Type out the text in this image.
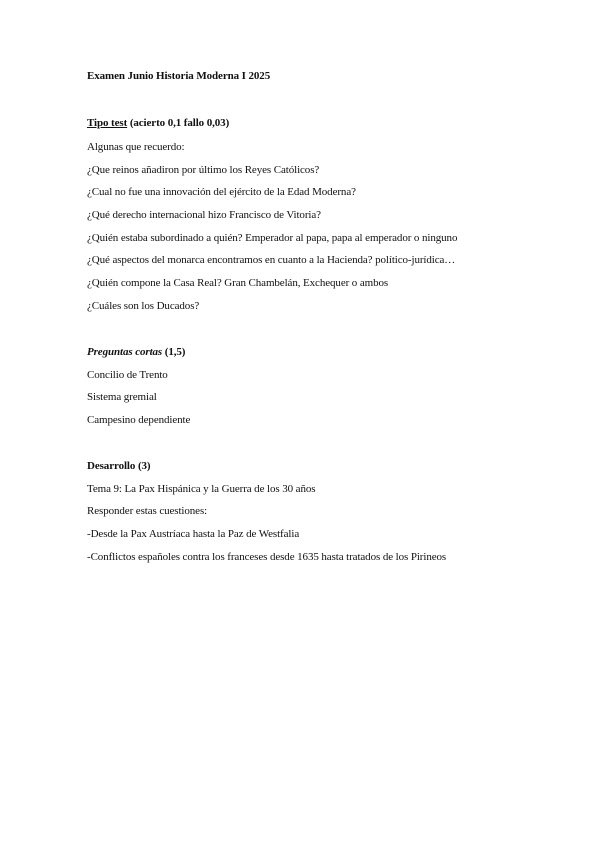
Examen Junio Historia Moderna I 2025
Tipo test (acierto 0,1 fallo 0,03)
Algunas que recuerdo:
¿Que reinos añadiron por último los Reyes Católicos?
¿Cual no fue una innovación del ejército de la Edad Moderna?
¿Qué derecho internacional hizo Francisco de Vitoria?
¿Quién estaba subordinado a quién? Emperador al papa, papa al emperador o ninguno
¿Qué aspectos del monarca encontramos en cuanto a la Hacienda? político-jurídica…
¿Quién compone la Casa Real? Gran Chambelán, Exchequer o ambos
¿Cuáles son los Ducados?
Preguntas cortas (1,5)
Concilio de Trento
Sistema gremial
Campesino dependiente
Desarrollo (3)
Tema 9: La Pax Hispánica y la Guerra de los 30 años
Responder estas cuestiones:
-Desde la Pax Austríaca hasta la Paz de Westfalia
-Conflictos españoles contra los franceses desde 1635 hasta tratados de los Pirineos
